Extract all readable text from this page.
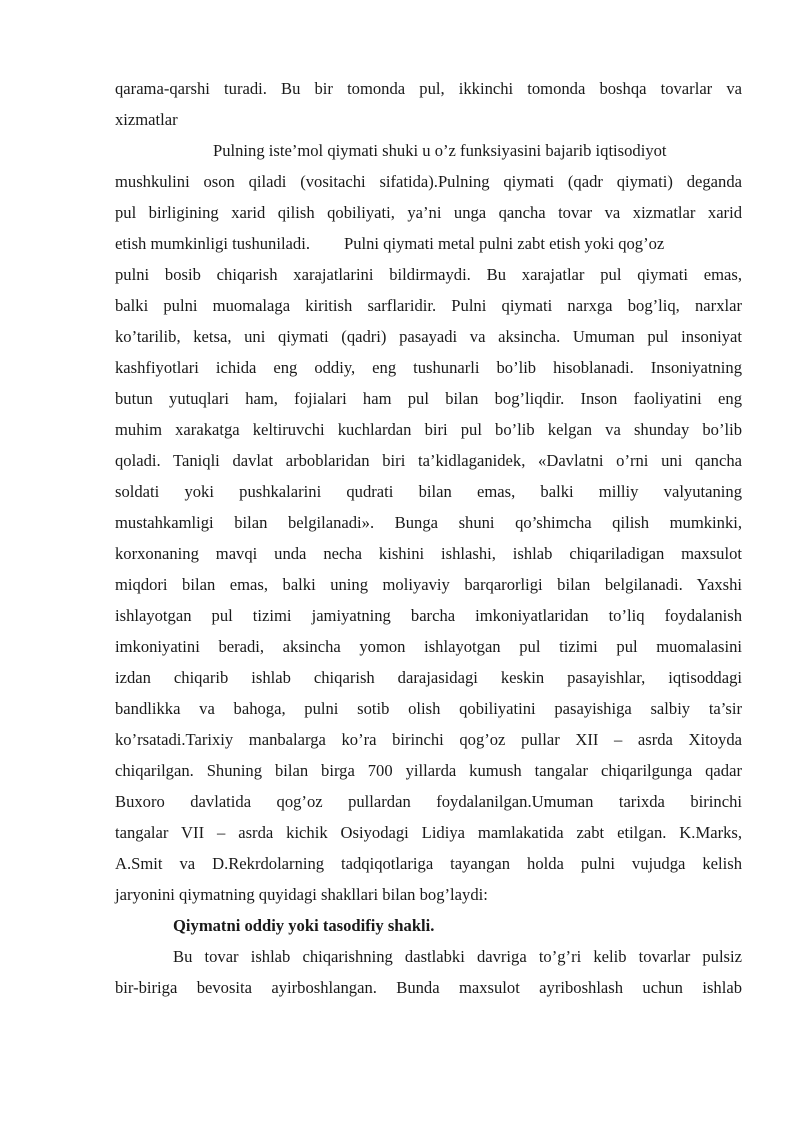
qarama-qarshi turadi. Bu bir tomonda pul, ikkinchi tomonda boshqa tovarlar va
xizmatlar
Pulning iste’mol qiymati shuki u o’z funksiyasini bajarib iqtisodiyot
mushkulini oson qiladi (vositachi sifatida).Pulning qiymati (qadr qiymati) deganda
pul birligining xarid qilish qobiliyati, ya’ni unga qancha tovar va xizmatlar xarid
etish mumkinligi tushuniladi. Pulni qiymati metal pulni zabt etish yoki qog’oz
pulni bosib chiqarish xarajatlarini bildirmaydi. Bu xarajatlar pul qiymati emas,
balki pulni muomalaga kiritish sarflaridir. Pulni qiymati narxga bog’liq, narxlar
ko’tarilib, ketsa, uni qiymati (qadri) pasayadi va aksincha. Umuman pul insoniyat
kashfiyotlari ichida eng oddiy, eng tushunarli bo’lib hisoblanadi. Insoniyatning
butun yutuqlari ham, fojialari ham pul bilan bog’liqdir. Inson faoliyatini eng
muhim xarakatga keltiruvchi kuchlardan biri pul bo’lib kelgan va shunday bo’lib
qoladi. Taniqli davlat arboblaridan biri ta’kidlaganidek, «Davlatni o’rni uni qancha
soldati yoki pushkalarini qudrati bilan emas, balki milliy valyutaning
mustahkamligi bilan belgilanadi». Bunga shuni qo’shimcha qilish mumkinki,
korxonaning mavqi unda necha kishini ishlashi, ishlab chiqariladigan maxsulot
miqdori bilan emas, balki uning moliyaviy barqarorligi bilan belgilanadi. Yaxshi
ishlayotgan pul tizimi jamiyatning barcha imkoniyatlaridan to’liq foydalanish
imkoniyatini beradi, aksincha yomon ishlayotgan pul tizimi pul muomalasini
izdan chiqarib ishlab chiqarish darajasidagi keskin pasayishlar, iqtisoddagi
bandlikka va bahoga, pulni sotib olish qobiliyatini pasayishiga salbiy ta’sir
ko’rsatadi.Tarixiy manbalarga ko’ra birinchi qog’oz pullar XII – asrda Xitoyda
chiqarilgan. Shuning bilan birga 700 yillarda kumush tangalar chiqarilgunga qadar
Buxoro davlatida qog’oz pullardan foydalanilgan.Umuman tarixda birinchi
tangalar VII – asrda kichik Osiyodagi Lidiya mamlakatida zabt etilgan. K.Marks,
A.Smit va D.Rekrdolarning tadqiqotlariga tayangan holda pulni vujudga kelish
jaryonini qiymatning quyidagi shakllari bilan bog’laydi:
Qiymatni oddiy yoki tasodifiy shakli.
Bu tovar ishlab chiqarishning dastlabki davriga to’g’ri kelib tovarlar pulsiz
bir-biriga bevosita ayirboshlangan. Bunda maxsulot ayriboshlash uchun ishlab
